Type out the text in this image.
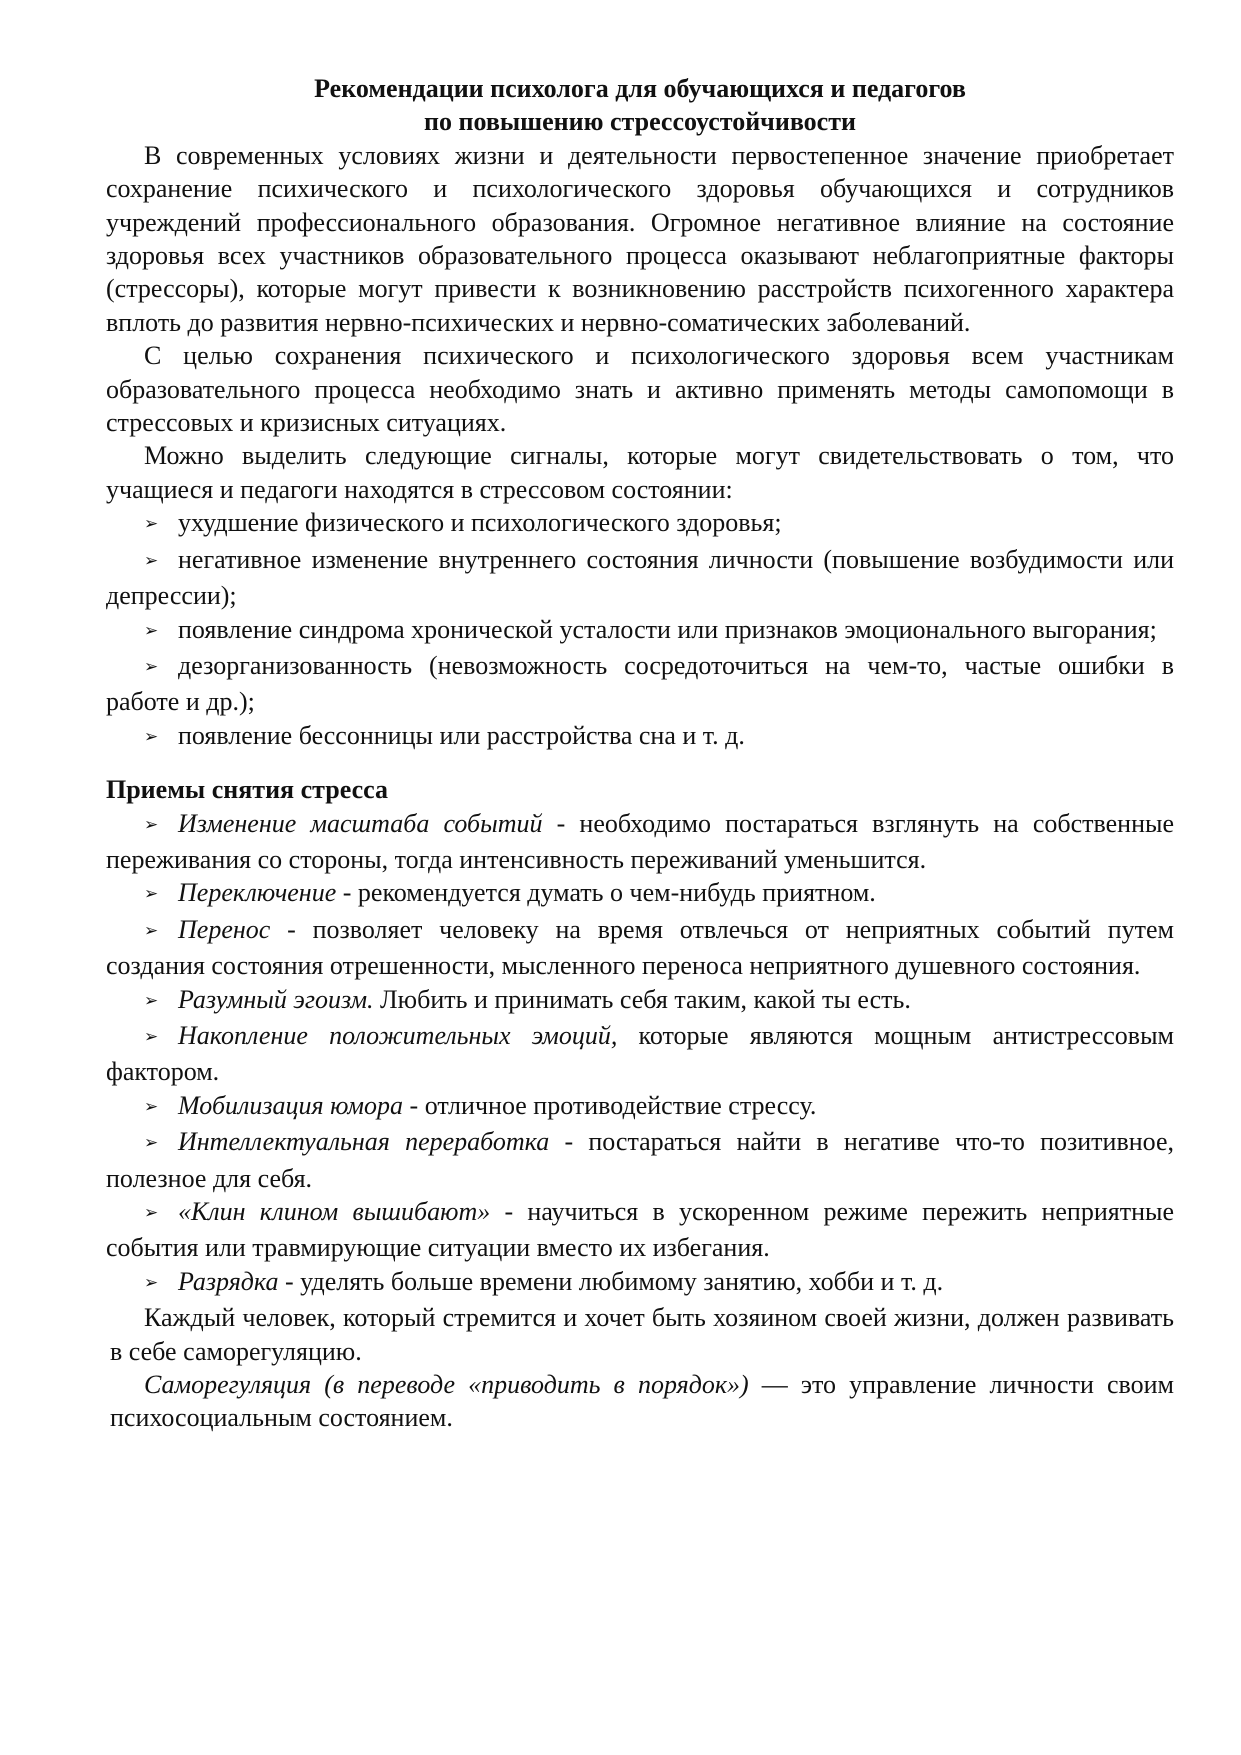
Рекомендации психолога для обучающихся и педагогов
по повышению стрессоустойчивости

В современных условиях жизни и деятельности первостепенное значение приобретает сохранение психического и психологического здоровья обучающихся и сотрудников учреждений профессионального образования. Огромное негативное влияние на состояние здоровья всех участников образовательного процесса оказывают неблагоприятные факторы (стрессоры), которые могут привести к возникновению расстройств психогенного характера вплоть до развития нервно-психических и нервно-соматических заболеваний.

С целью сохранения психического и психологического здоровья всем участникам образовательного процесса необходимо знать и активно применять методы самопомощи в стрессовых и кризисных ситуациях.

Можно выделить следующие сигналы, которые могут свидетельствовать о том, что учащиеся и педагоги находятся в стрессовом состоянии:

➢ ухудшение физического и психологического здоровья;

➢ негативное изменение внутреннего состояния личности (повышение возбудимости или депрессии);

➢ появление синдрома хронической усталости или признаков эмоционального выгорания;

➢ дезорганизованность (невозможность сосредоточиться на чем-то, частые ошибки в работе и др.);

➢ появление бессонницы или расстройства сна и т. д.

Приемы снятия стресса

➢ Изменение масштаба событий - необходимо постараться взглянуть на собственные переживания со стороны, тогда интенсивность переживаний уменьшится.

➢ Переключение - рекомендуется думать о чем-нибудь приятном.

➢ Перенос - позволяет человеку на время отвлечься от неприятных событий путем создания состояния отрешенности, мысленного переноса неприятного душевного состояния.

➢ Разумный эгоизм. Любить и принимать себя таким, какой ты есть.

➢ Накопление положительных эмоций, которые являются мощным антистрессовым фактором.

➢ Мобилизация юмора - отличное противодействие стрессу.

➢ Интеллектуальная переработка - постараться найти в негативе что-то позитивное, полезное для себя.

➢ «Клин клином вышибают» - научиться в ускоренном режиме пережить неприятные события или травмирующие ситуации вместо их избегания.

➢ Разрядка - уделять больше времени любимому занятию, хобби и т. д.

Каждый человек, который стремится и хочет быть хозяином своей жизни, должен развивать в себе саморегуляцию.

Саморегуляция (в переводе «приводить в порядок») — это управление личности своим психосоциальным состоянием.
